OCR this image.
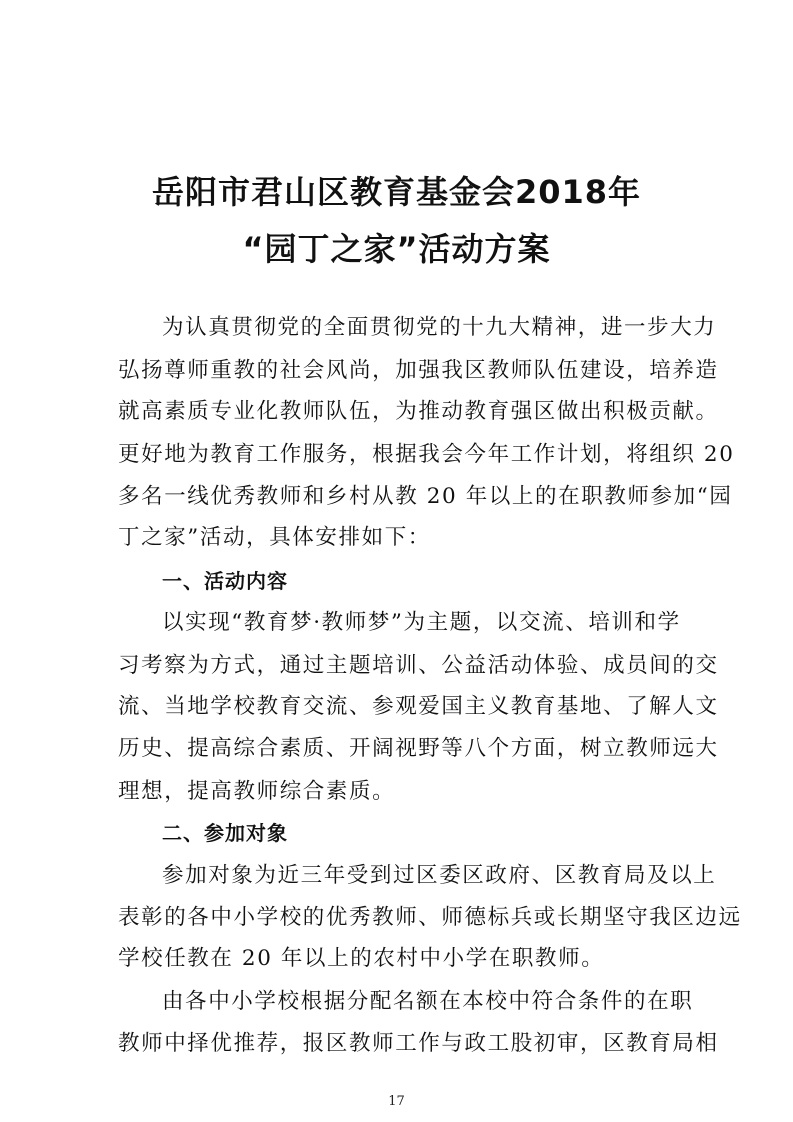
岳阳市君山区教育基金会2018年
“园丁之家”活动方案
为认真贯彻党的全面贯彻党的十九大精神，进一步大力
弘扬尊师重教的社会风尚，加强我区教师队伍建设，培养造
就高素质专业化教师队伍，为推动教育强区做出积极贡献。
更好地为教育工作服务，根据我会今年工作计划，将组织 20
多名一线优秀教师和乡村从教 20 年以上的在职教师参加“园
丁之家”活动，具体安排如下：
一、活动内容
以实现“教育梦·教师梦”为主题，以交流、培训和学
习考察为方式，通过主题培训、公益活动体验、成员间的交
流、当地学校教育交流、参观爱国主义教育基地、了解人文
历史、提高综合素质、开阔视野等八个方面，树立教师远大
理想，提高教师综合素质。
二、参加对象
参加对象为近三年受到过区委区政府、区教育局及以上
表彰的各中小学校的优秀教师、师德标兵或长期坚守我区边远
学校任教在 20 年以上的农村中小学在职教师。
由各中小学校根据分配名额在本校中符合条件的在职
教师中择优推荐，报区教师工作与政工股初审，区教育局相
17
